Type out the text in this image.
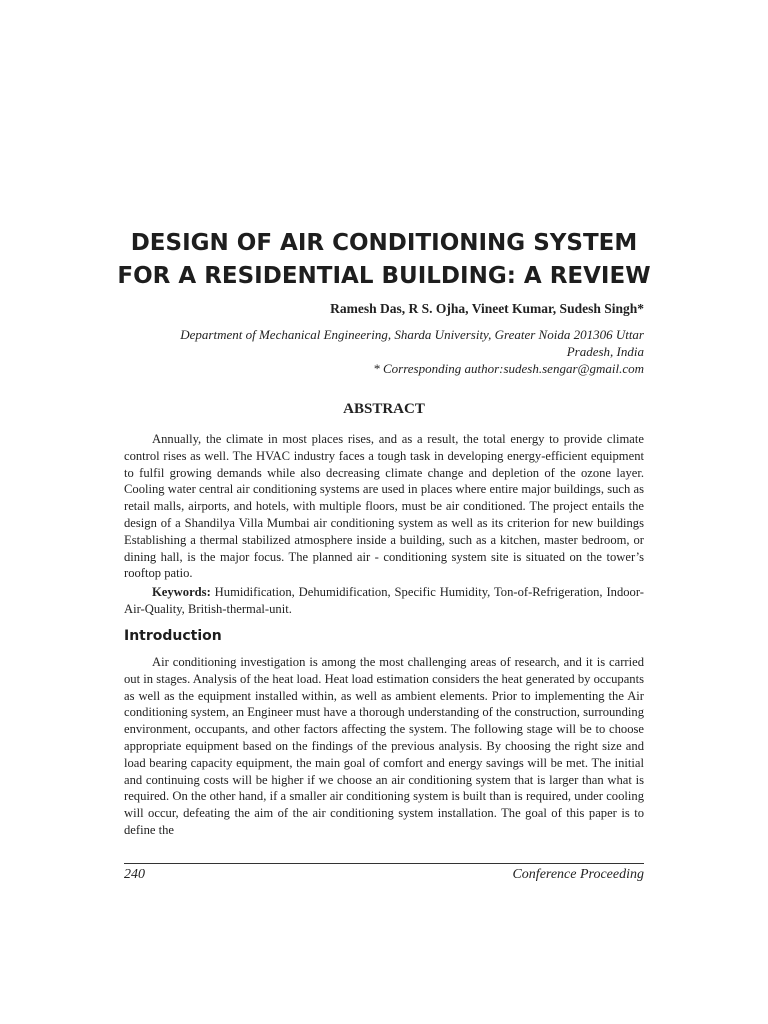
DESIGN OF AIR CONDITIONING SYSTEM
FOR A RESIDENTIAL BUILDING: A REVIEW

Ramesh Das, R S. Ojha, Vineet Kumar, Sudesh Singh*

Department of Mechanical Engineering, Sharda University, Greater Noida 201306 Uttar
Pradesh, India
* Corresponding author:sudesh.sengar@gmail.com

ABSTRACT

Annually, the climate in most places rises, and as a result, the total energy to provide climate control rises as well. The HVAC industry faces a tough task in developing energy-efficient equipment to fulfil growing demands while also decreasing climate change and depletion of the ozone layer. Cooling water central air conditioning systems are used in places where entire major buildings, such as retail malls, airports, and hotels, with multiple floors, must be air conditioned. The project entails the design of a Shandilya Villa Mumbai air conditioning system as well as its criterion for new buildings Establishing a thermal stabilized atmosphere inside a building, such as a kitchen, master bedroom, or dining hall, is the major focus. The planned air - conditioning system site is situated on the tower’s rooftop patio.

Keywords: Humidification, Dehumidification, Specific Humidity, Ton-of-Refrigeration, Indoor-Air-Quality, British-thermal-unit.

Introduction

Air conditioning investigation is among the most challenging areas of research, and it is carried out in stages. Analysis of the heat load. Heat load estimation considers the heat generated by occupants as well as the equipment installed within, as well as ambient elements. Prior to implementing the Air conditioning system, an Engineer must have a thorough understanding of the construction, surrounding environment, occupants, and other factors affecting the system. The following stage will be to choose appropriate equipment based on the findings of the previous analysis. By choosing the right size and load bearing capacity equipment, the main goal of comfort and energy savings will be met. The initial and continuing costs will be higher if we choose an air conditioning system that is larger than what is required. On the other hand, if a smaller air conditioning system is built than is required, under cooling will occur, defeating the aim of the air conditioning system installation. The goal of this paper is to define the

240	Conference Proceeding
